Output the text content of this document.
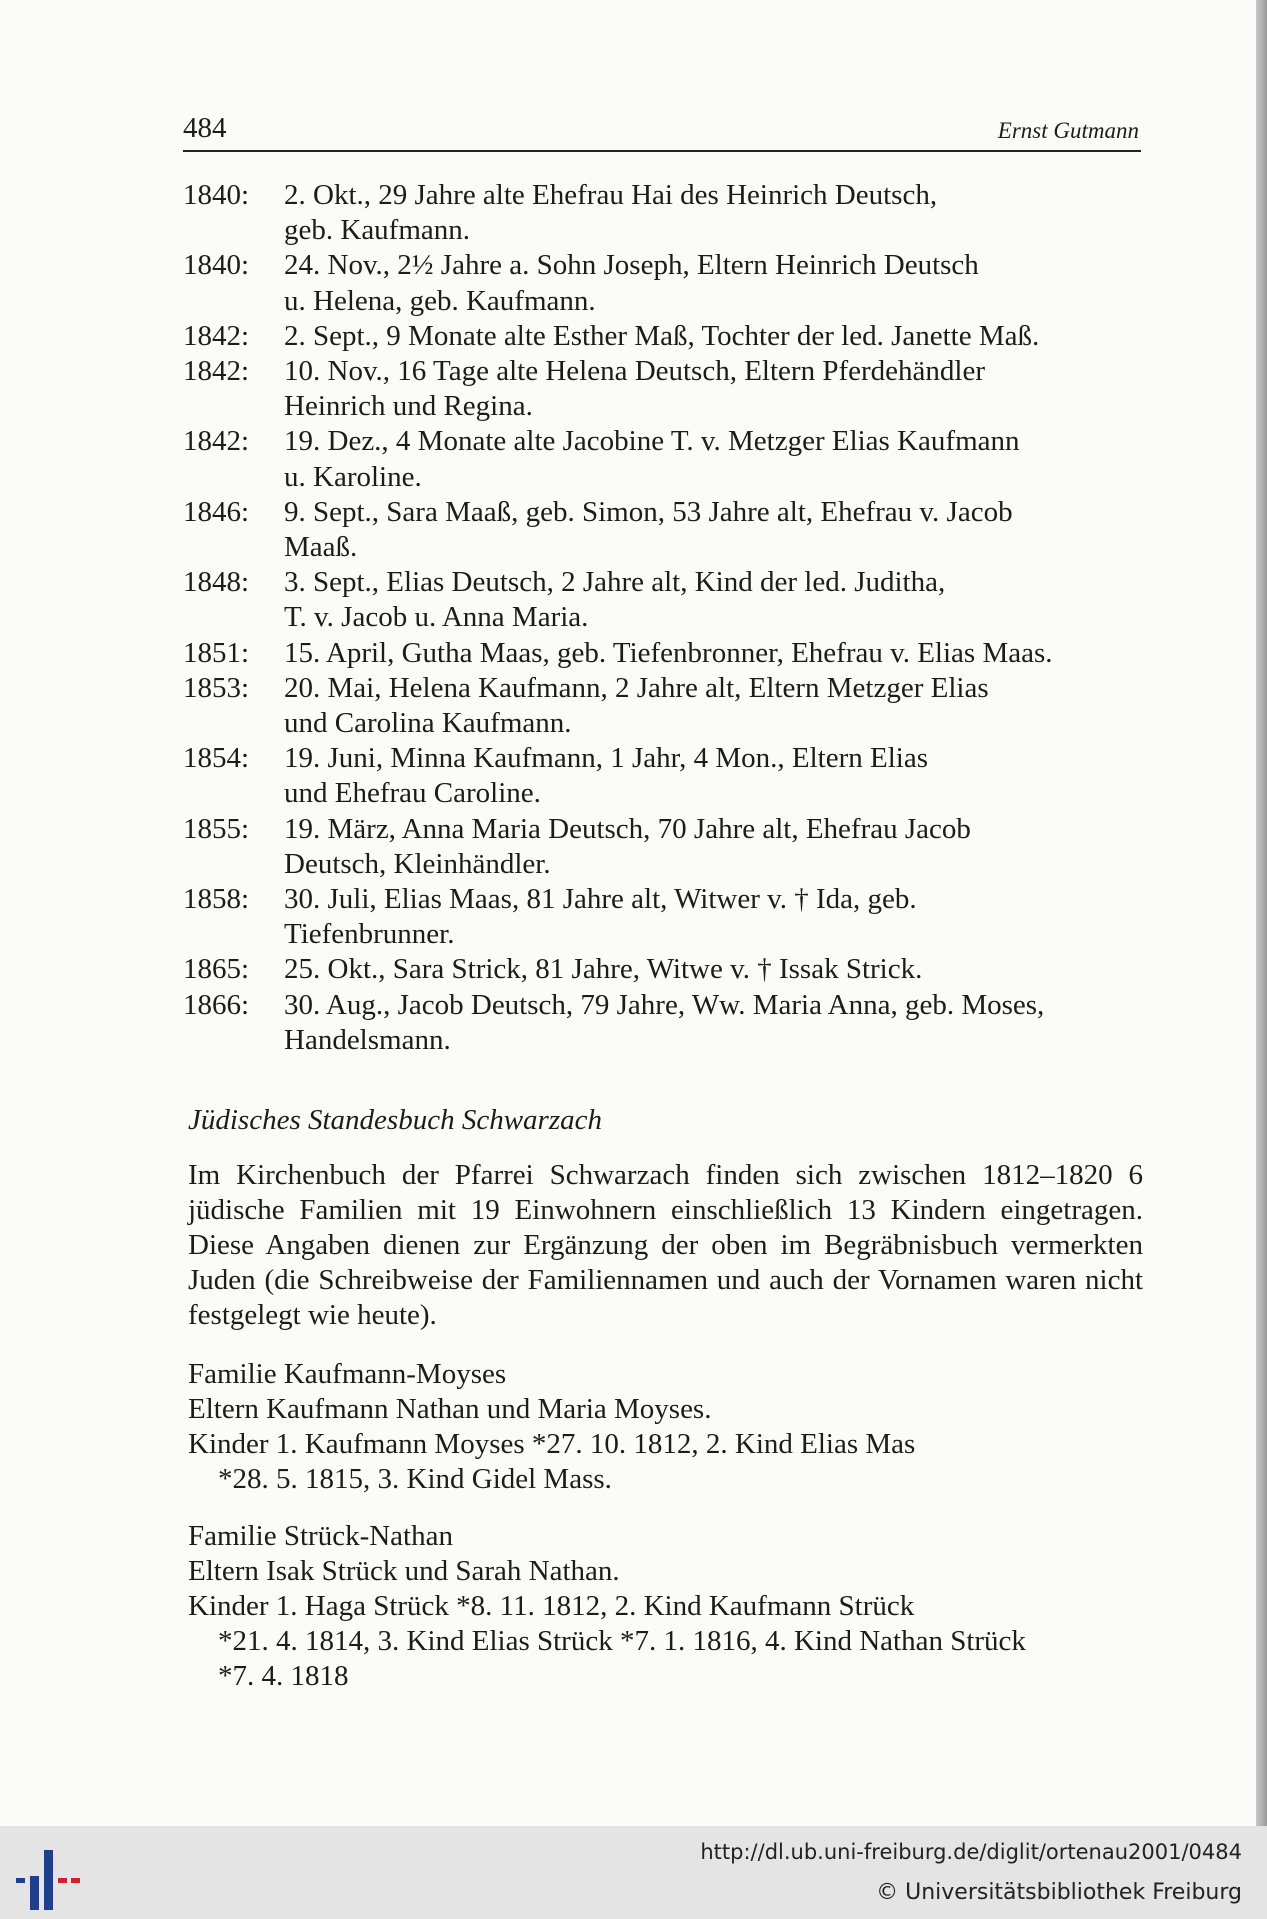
484	Ernst Gutmann
1840:	2. Okt., 29 Jahre alte Ehefrau Hai des Heinrich Deutsch,
geb. Kaufmann.
1840:	24. Nov., 2½ Jahre a. Sohn Joseph, Eltern Heinrich Deutsch
u. Helena, geb. Kaufmann.
1842:	2. Sept., 9 Monate alte Esther Maß, Tochter der led. Janette Maß.
1842:	10. Nov., 16 Tage alte Helena Deutsch, Eltern Pferdehändler
Heinrich und Regina.
1842:	19. Dez., 4 Monate alte Jacobine T. v. Metzger Elias Kaufmann
u. Karoline.
1846:	9. Sept., Sara Maaß, geb. Simon, 53 Jahre alt, Ehefrau v. Jacob
Maaß.
1848:	3. Sept., Elias Deutsch, 2 Jahre alt, Kind der led. Juditha,
T. v. Jacob u. Anna Maria.
1851:	15. April, Gutha Maas, geb. Tiefenbronner, Ehefrau v. Elias Maas.
1853:	20. Mai, Helena Kaufmann, 2 Jahre alt, Eltern Metzger Elias
und Carolina Kaufmann.
1854:	19. Juni, Minna Kaufmann, 1 Jahr, 4 Mon., Eltern Elias
und Ehefrau Caroline.
1855:	19. März, Anna Maria Deutsch, 70 Jahre alt, Ehefrau Jacob
Deutsch, Kleinhändler.
1858:	30. Juli, Elias Maas, 81 Jahre alt, Witwer v. † Ida, geb.
Tiefenbrunner.
1865:	25. Okt., Sara Strick, 81 Jahre, Witwe v. † Issak Strick.
1866:	30. Aug., Jacob Deutsch, 79 Jahre, Ww. Maria Anna, geb. Moses,
Handelsmann.
Jüdisches Standesbuch Schwarzach

Im Kirchenbuch der Pfarrei Schwarzach finden sich zwischen 1812–1820 6 jüdische Familien mit 19 Einwohnern einschließlich 13 Kindern eingetragen. Diese Angaben dienen zur Ergänzung der oben im Begräbnisbuch vermerkten Juden (die Schreibweise der Familiennamen und auch der Vornamen waren nicht festgelegt wie heute).

Familie Kaufmann-Moyses
Eltern Kaufmann Nathan und Maria Moyses.
Kinder 1. Kaufmann Moyses *27. 10. 1812, 2. Kind Elias Mas
*28. 5. 1815, 3. Kind Gidel Mass.
Familie Strück-Nathan
Eltern Isak Strück und Sarah Nathan.
Kinder 1. Haga Strück *8. 11. 1812, 2. Kind Kaufmann Strück
*21. 4. 1814, 3. Kind Elias Strück *7. 1. 1816, 4. Kind Nathan Strück
*7. 4. 1818
http://dl.ub.uni-freiburg.de/diglit/ortenau2001/0484
© Universitätsbibliothek Freiburg
